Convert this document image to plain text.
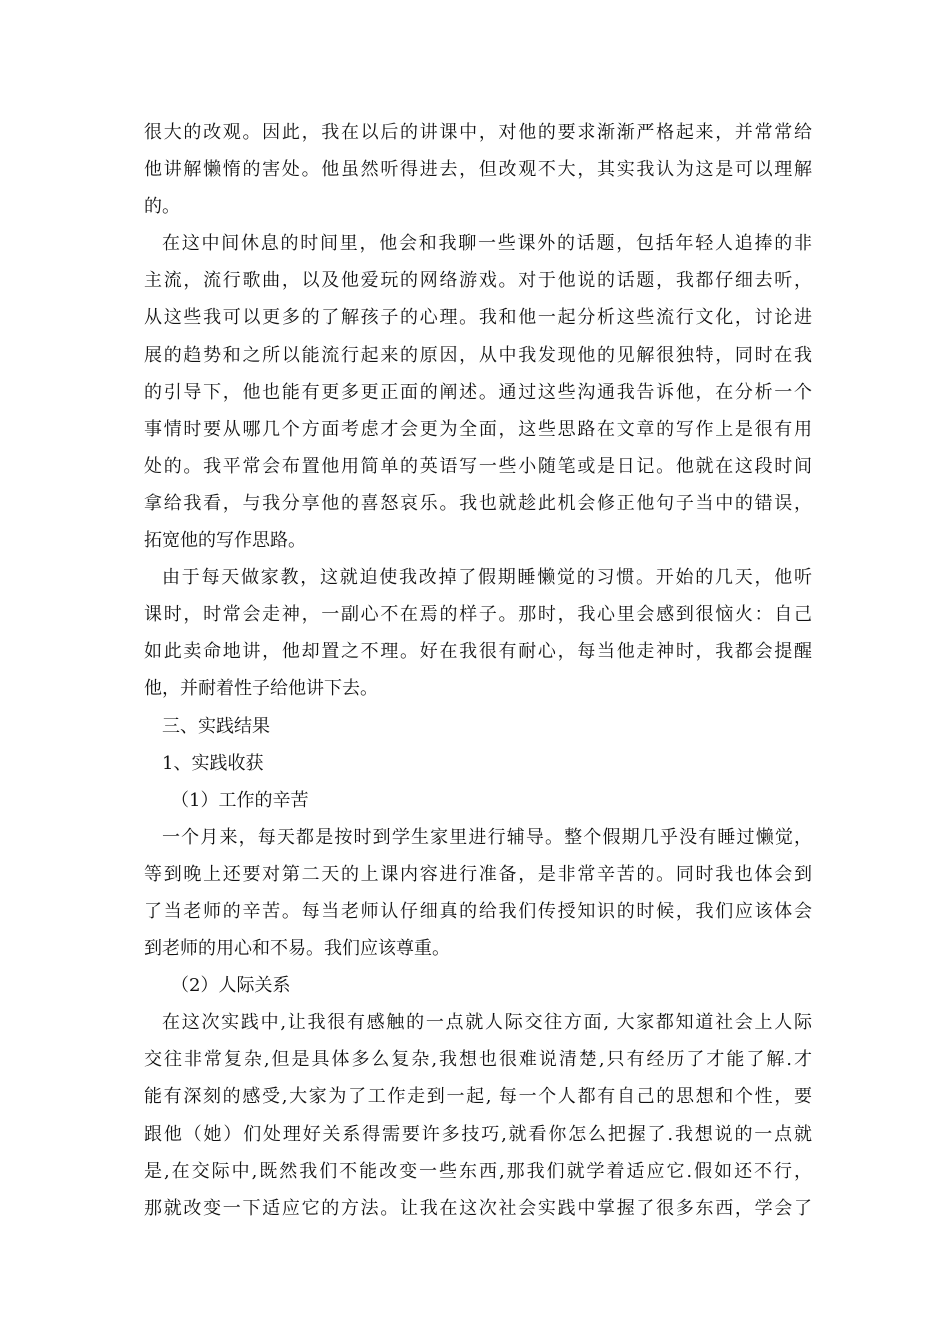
很大的改观。因此，我在以后的讲课中，对他的要求渐渐严格起来，并常常给
他讲解懒惰的害处。他虽然听得进去，但改观不大，其实我认为这是可以理解
的。
在这中间休息的时间里，他会和我聊一些课外的话题，包括年轻人追捧的非
主流，流行歌曲，以及他爱玩的网络游戏。对于他说的话题，我都仔细去听，
从这些我可以更多的了解孩子的心理。我和他一起分析这些流行文化，讨论进
展的趋势和之所以能流行起来的原因，从中我发现他的见解很独特，同时在我
的引导下，他也能有更多更正面的阐述。通过这些沟通我告诉他，在分析一个
事情时要从哪几个方面考虑才会更为全面，这些思路在文章的写作上是很有用
处的。我平常会布置他用简单的英语写一些小随笔或是日记。他就在这段时间
拿给我看，与我分享他的喜怒哀乐。我也就趁此机会修正他句子当中的错误，
拓宽他的写作思路。
由于每天做家教，这就迫使我改掉了假期睡懒觉的习惯。开始的几天，他听
课时，时常会走神，一副心不在焉的样子。那时，我心里会感到很恼火：自己
如此卖命地讲，他却置之不理。好在我很有耐心，每当他走神时，我都会提醒
他，并耐着性子给他讲下去。
三、实践结果
1、实践收获
（1）工作的辛苦
一个月来，每天都是按时到学生家里进行辅导。整个假期几乎没有睡过懒觉，
等到晚上还要对第二天的上课内容进行准备，是非常辛苦的。同时我也体会到
了当老师的辛苦。每当老师认仔细真的给我们传授知识的时候，我们应该体会
到老师的用心和不易。我们应该尊重。
（2）人际关系
在这次实践中,让我很有感触的一点就人际交往方面, 大家都知道社会上人际
交往非常复杂,但是具体多么复杂,我想也很难说清楚,只有经历了才能了解.才
能有深刻的感受,大家为了工作走到一起, 每一个人都有自己的思想和个性，要
跟他（她）们处理好关系得需要许多技巧,就看你怎么把握了.我想说的一点就
是,在交际中,既然我们不能改变一些东西,那我们就学着适应它.假如还不行，
那就改变一下适应它的方法。让我在这次社会实践中掌握了很多东西，学会了
